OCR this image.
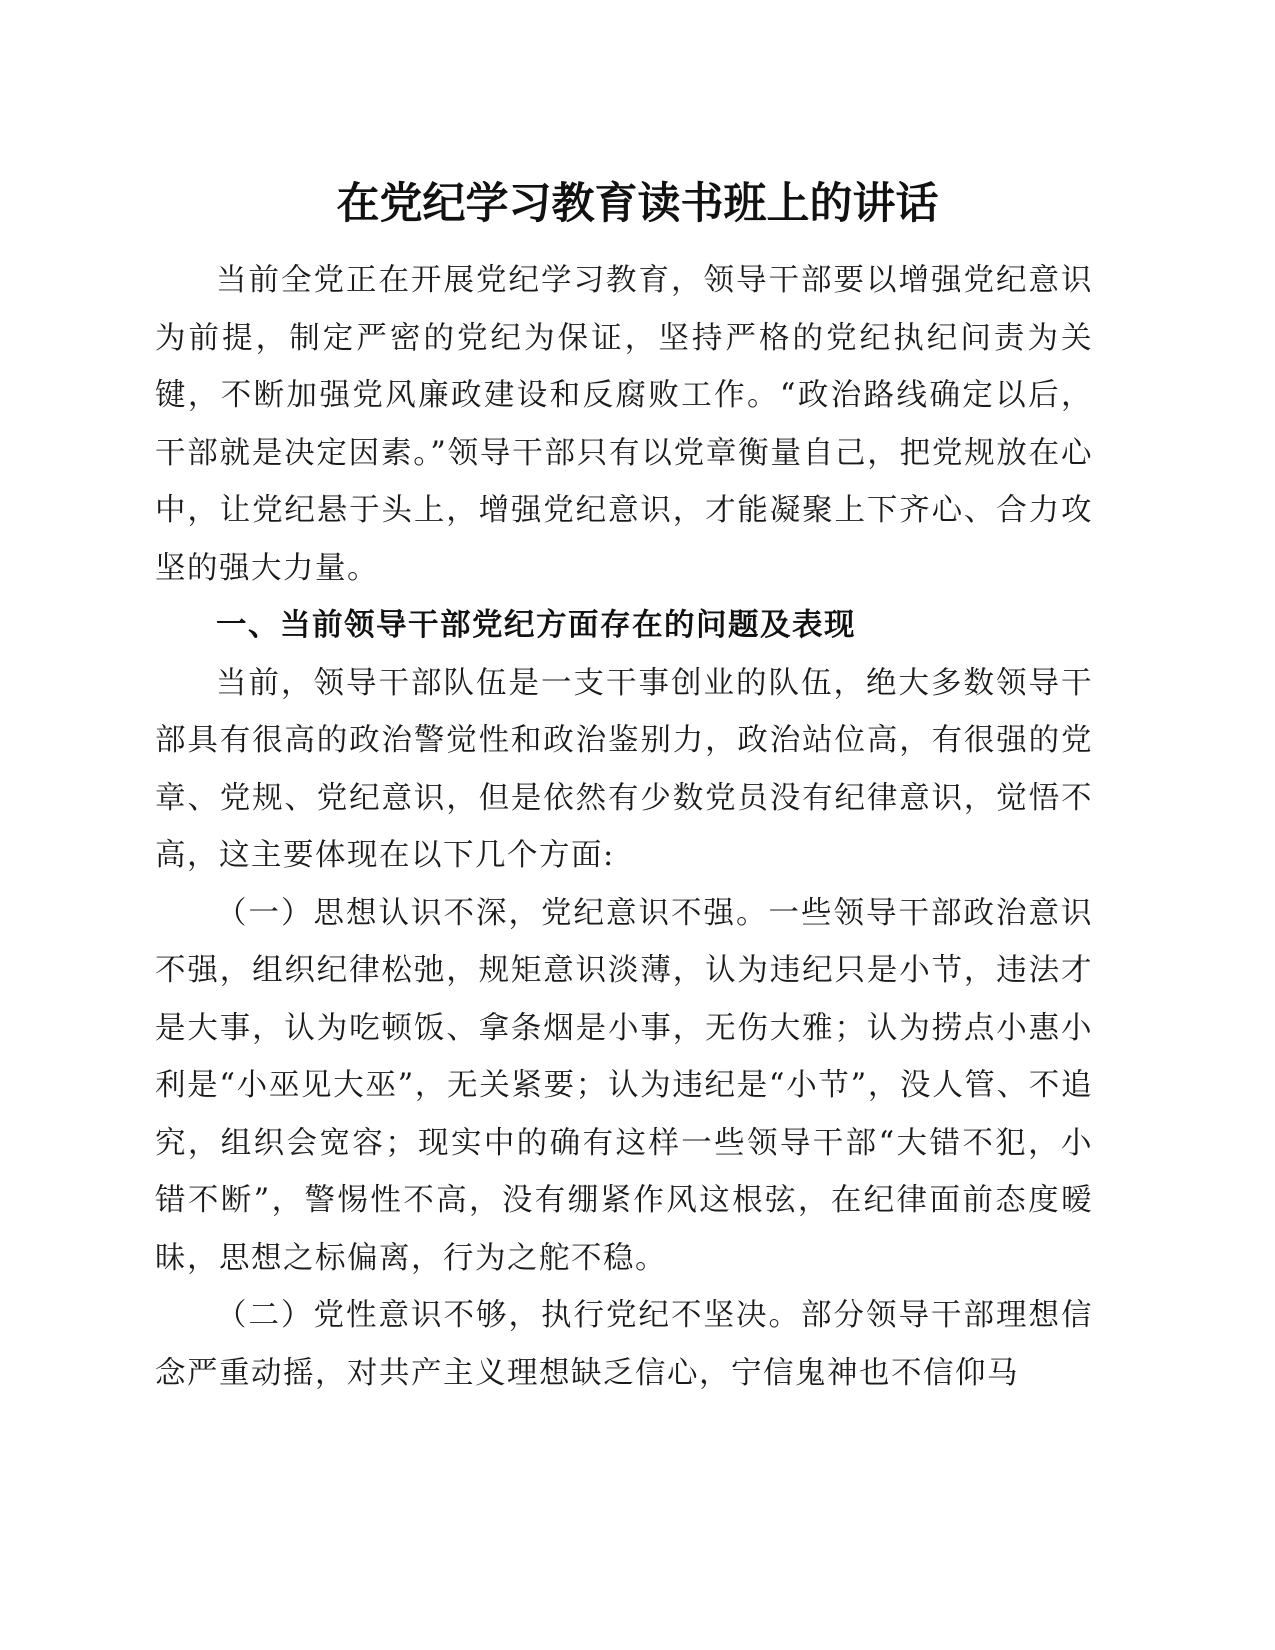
在党纪学习教育读书班上的讲话

当前全党正在开展党纪学习教育，领导干部要以增强党纪意识为前提，制定严密的党纪为保证，坚持严格的党纪执纪问责为关键，不断加强党风廉政建设和反腐败工作。“政治路线确定以后，干部就是决定因素。”领导干部只有以党章衡量自己，把党规放在心中，让党纪悬于头上，增强党纪意识，才能凝聚上下齐心、合力攻坚的强大力量。

一、当前领导干部党纪方面存在的问题及表现

当前，领导干部队伍是一支干事创业的队伍，绝大多数领导干部具有很高的政治警觉性和政治鉴别力，政治站位高，有很强的党章、党规、党纪意识，但是依然有少数党员没有纪律意识，觉悟不高，这主要体现在以下几个方面:

（一）思想认识不深，党纪意识不强。一些领导干部政治意识不强，组织纪律松弛，规矩意识淡薄，认为违纪只是小节，违法才是大事，认为吃顿饭、拿条烟是小事，无伤大雅；认为捞点小惠小利是“小巫见大巫”，无关紧要；认为违纪是“小节”，没人管、不追究，组织会宽容；现实中的确有这样一些领导干部“大错不犯，小错不断”，警惕性不高，没有绷紧作风这根弦，在纪律面前态度暧昧，思想之标偏离，行为之舵不稳。

（二）党性意识不够，执行党纪不坚决。部分领导干部理想信念严重动摇，对共产主义理想缺乏信心，宁信鬼神也不信仰马
